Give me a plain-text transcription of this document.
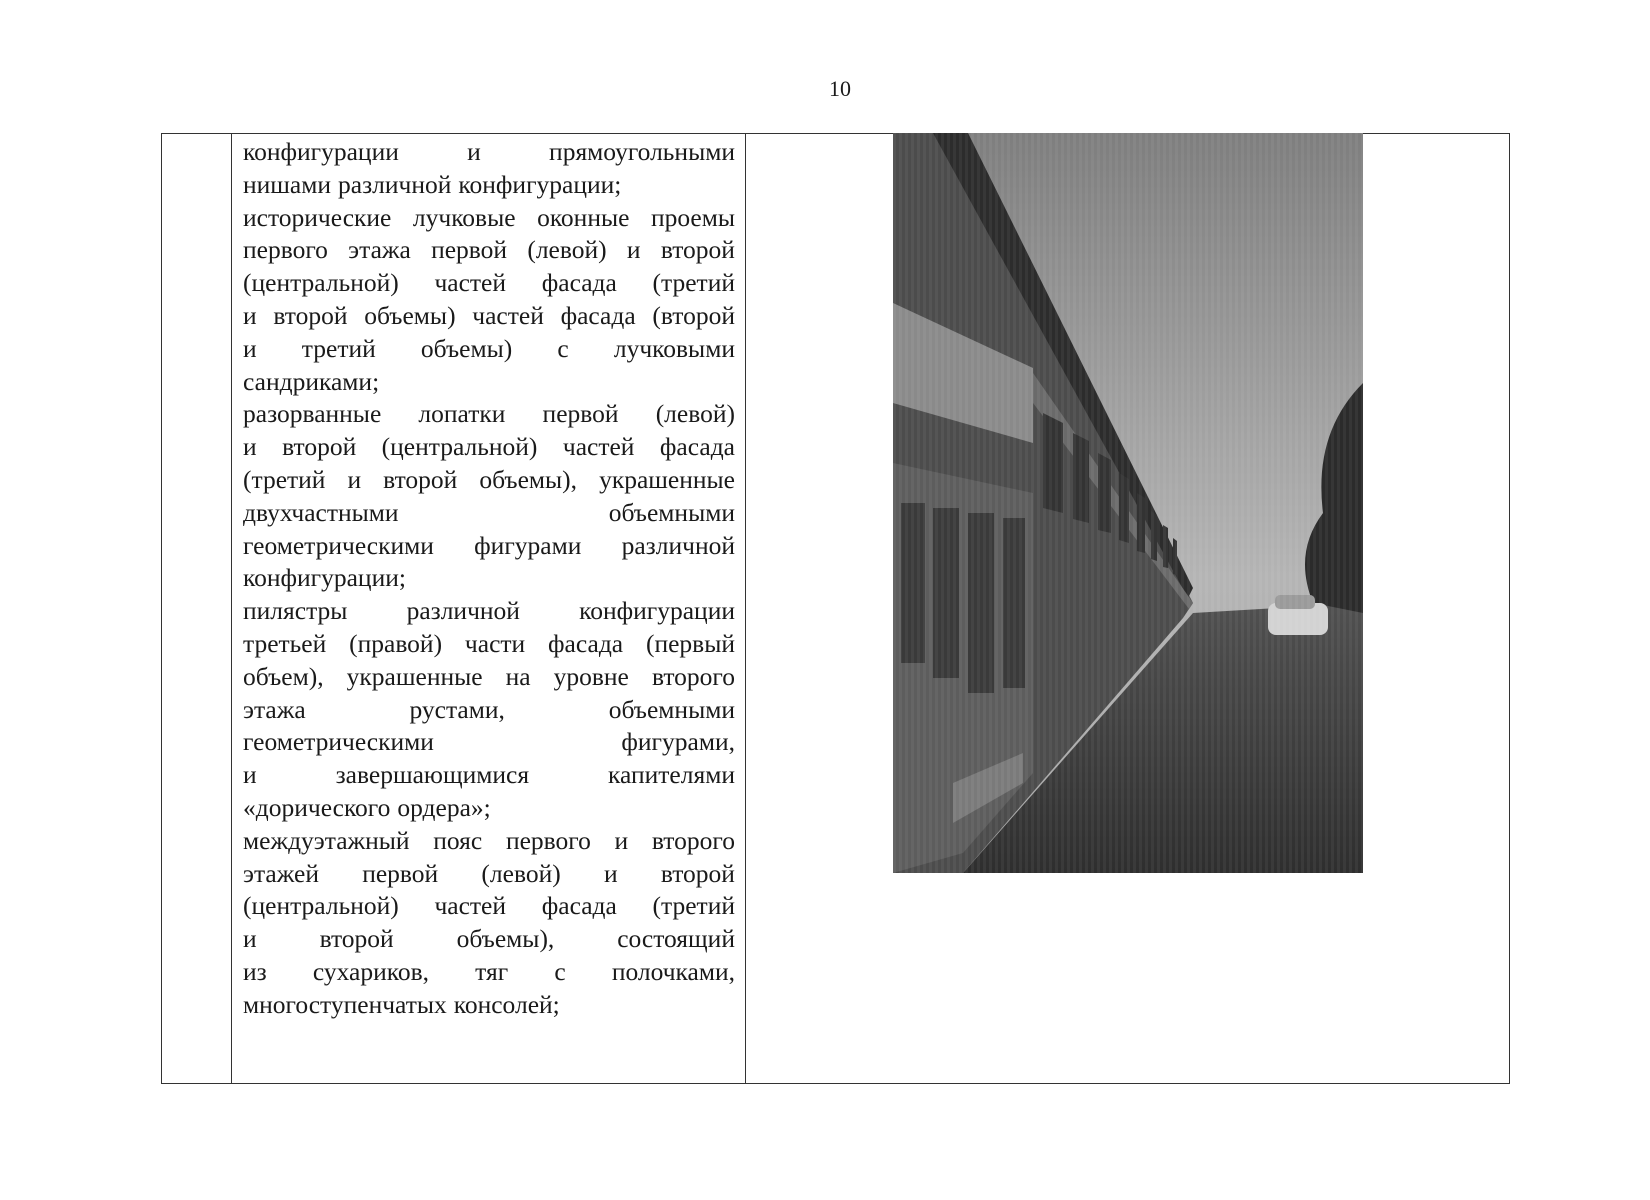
10
конфигурации	и	прямоугольными
нишами различной конфигурации;
исторические лучковые оконные проемы
первого этажа первой (левой) и второй
(центральной) частей фасада (третий
и второй объемы) частей фасада (второй
и третий объемы) с лучковыми
сандриками;
разорванные лопатки первой (левой)
и второй (центральной) частей фасада
(третий и второй объемы), украшенные
двухчастными	объемными
геометрическими фигурами различной
конфигурации;
пилястры различной конфигурации
третьей (правой) части фасада (первый
объем), украшенные на уровне второго
этажа	рустами,	объемными
геометрическими	фигурами,
и	завершающимися	капителями
«дорического ордера»;
междуэтажный пояс первого и второго
этажей первой (левой) и второй
(центральной) частей фасада (третий
и второй объемы), состоящий
из сухариков, тяг с полочками,
многоступенчатых консолей;
